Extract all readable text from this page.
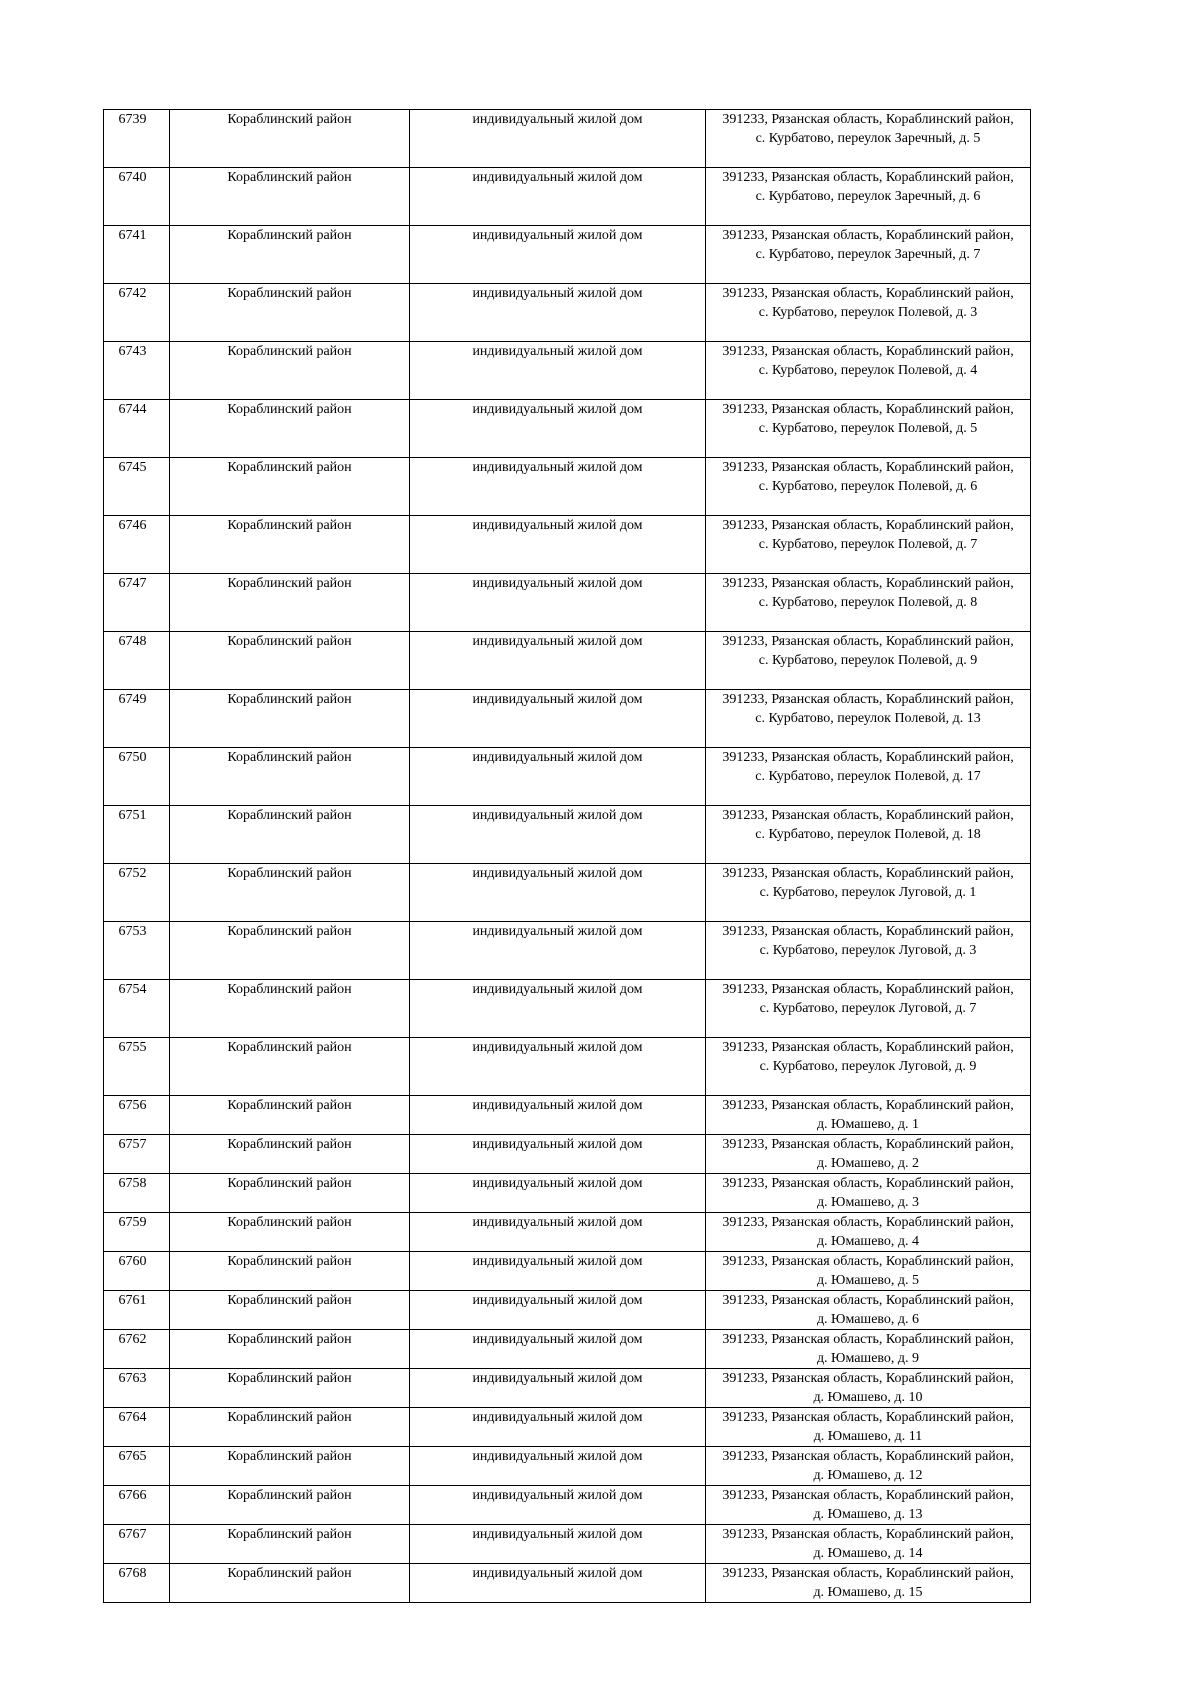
6739	Кораблинский район	индивидуальный жилой дом	391233, Рязанская область, Кораблинский район,
с. Курбатово, переулок Заречный, д. 5

6740	Кораблинский район	индивидуальный жилой дом	391233, Рязанская область, Кораблинский район,
с. Курбатово, переулок Заречный, д. 6

6741	Кораблинский район	индивидуальный жилой дом	391233, Рязанская область, Кораблинский район,
с. Курбатово, переулок Заречный, д. 7

6742	Кораблинский район	индивидуальный жилой дом	391233, Рязанская область, Кораблинский район,
с. Курбатово, переулок Полевой, д. 3

6743	Кораблинский район	индивидуальный жилой дом	391233, Рязанская область, Кораблинский район,
с. Курбатово, переулок Полевой, д. 4

6744	Кораблинский район	индивидуальный жилой дом	391233, Рязанская область, Кораблинский район,
с. Курбатово, переулок Полевой, д. 5

6745	Кораблинский район	индивидуальный жилой дом	391233, Рязанская область, Кораблинский район,
с. Курбатово, переулок Полевой, д. 6

6746	Кораблинский район	индивидуальный жилой дом	391233, Рязанская область, Кораблинский район,
с. Курбатово, переулок Полевой, д. 7

6747	Кораблинский район	индивидуальный жилой дом	391233, Рязанская область, Кораблинский район,
с. Курбатово, переулок Полевой, д. 8

6748	Кораблинский район	индивидуальный жилой дом	391233, Рязанская область, Кораблинский район,
с. Курбатово, переулок Полевой, д. 9

6749	Кораблинский район	индивидуальный жилой дом	391233, Рязанская область, Кораблинский район,
с. Курбатово, переулок Полевой, д. 13

6750	Кораблинский район	индивидуальный жилой дом	391233, Рязанская область, Кораблинский район,
с. Курбатово, переулок Полевой, д. 17

6751	Кораблинский район	индивидуальный жилой дом	391233, Рязанская область, Кораблинский район,
с. Курбатово, переулок Полевой, д. 18

6752	Кораблинский район	индивидуальный жилой дом	391233, Рязанская область, Кораблинский район,
с. Курбатово, переулок Луговой, д. 1

6753	Кораблинский район	индивидуальный жилой дом	391233, Рязанская область, Кораблинский район,
с. Курбатово, переулок Луговой, д. 3

6754	Кораблинский район	индивидуальный жилой дом	391233, Рязанская область, Кораблинский район,
с. Курбатово, переулок Луговой, д. 7

6755	Кораблинский район	индивидуальный жилой дом	391233, Рязанская область, Кораблинский район,
с. Курбатово, переулок Луговой, д. 9

6756	Кораблинский район	индивидуальный жилой дом	391233, Рязанская область, Кораблинский район,
д. Юмашево, д. 1

6757	Кораблинский район	индивидуальный жилой дом	391233, Рязанская область, Кораблинский район,
д. Юмашево, д. 2

6758	Кораблинский район	индивидуальный жилой дом	391233, Рязанская область, Кораблинский район,
д. Юмашево, д. 3

6759	Кораблинский район	индивидуальный жилой дом	391233, Рязанская область, Кораблинский район,
д. Юмашево, д. 4

6760	Кораблинский район	индивидуальный жилой дом	391233, Рязанская область, Кораблинский район,
д. Юмашево, д. 5

6761	Кораблинский район	индивидуальный жилой дом	391233, Рязанская область, Кораблинский район,
д. Юмашево, д. 6

6762	Кораблинский район	индивидуальный жилой дом	391233, Рязанская область, Кораблинский район,
д. Юмашево, д. 9

6763	Кораблинский район	индивидуальный жилой дом	391233, Рязанская область, Кораблинский район,
д. Юмашево, д. 10

6764	Кораблинский район	индивидуальный жилой дом	391233, Рязанская область, Кораблинский район,
д. Юмашево, д. 11

6765	Кораблинский район	индивидуальный жилой дом	391233, Рязанская область, Кораблинский район,
д. Юмашево, д. 12

6766	Кораблинский район	индивидуальный жилой дом	391233, Рязанская область, Кораблинский район,
д. Юмашево, д. 13

6767	Кораблинский район	индивидуальный жилой дом	391233, Рязанская область, Кораблинский район,
д. Юмашево, д. 14

6768	Кораблинский район	индивидуальный жилой дом	391233, Рязанская область, Кораблинский район,
д. Юмашево, д. 15
